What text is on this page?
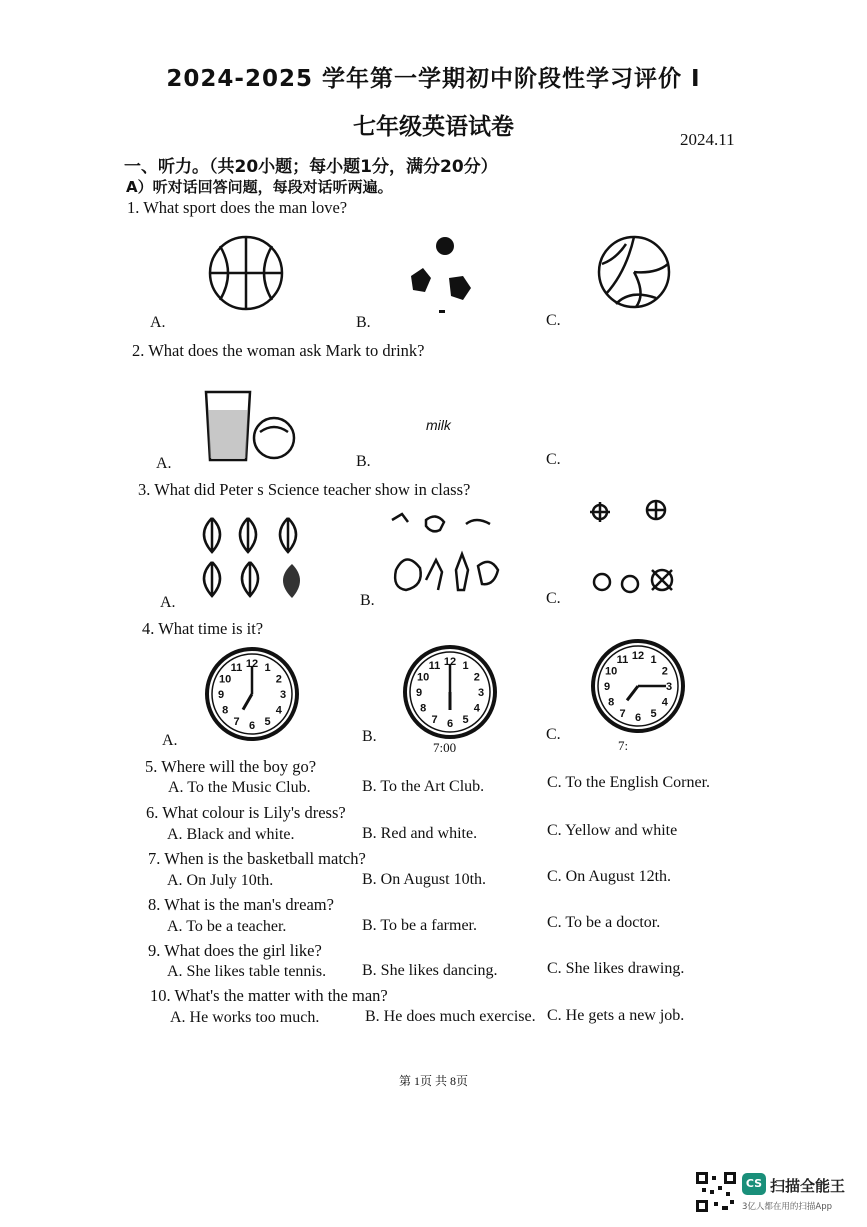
2024-2025 学年第一学期初中阶段性学习评价 I
七年级英语试卷	2024.11
一、听力。（共20小题；每小题1分，满分20分）
A）听对话回答问题，每段对话听两遍。
1. What sport does the man love?
A.	B.	C.
2. What does the woman ask Mark to drink?
milk
A.	B.	C.
3. What did Peter s Science teacher show in class?
A.	B.	C.
4. What time is it?
1
2
3
4
5
6
7
8
9
10
11 12	1
2
3
4
5
6
7
8
9
10
11 12	1
2
3
4
5
6
7
8
9
10
11 12
7:00	7:
A.	B.	C.
5. Where will the boy go?
A. To the Music Club.	B. To the Art Club.	C. To the English Corner.
6. What colour is Lily's dress?
A. Black and white.	B. Red and white.	C. Yellow and white
7. When is the basketball match?
A. On July 10th.	B. On August 10th.	C. On August 12th.
8. What is the man's dream?
A. To be a teacher.	B. To be a farmer.	C. To be a doctor.
9. What does the girl like?
A. She likes table tennis. B. She likes dancing.	C. She likes drawing.
10. What's the matter with the man?
A. He works too much.	B. He does much exercise. C. He gets a new job.
第 1页 共 8页
CS 扫描全能王
3亿人都在用的扫描App
